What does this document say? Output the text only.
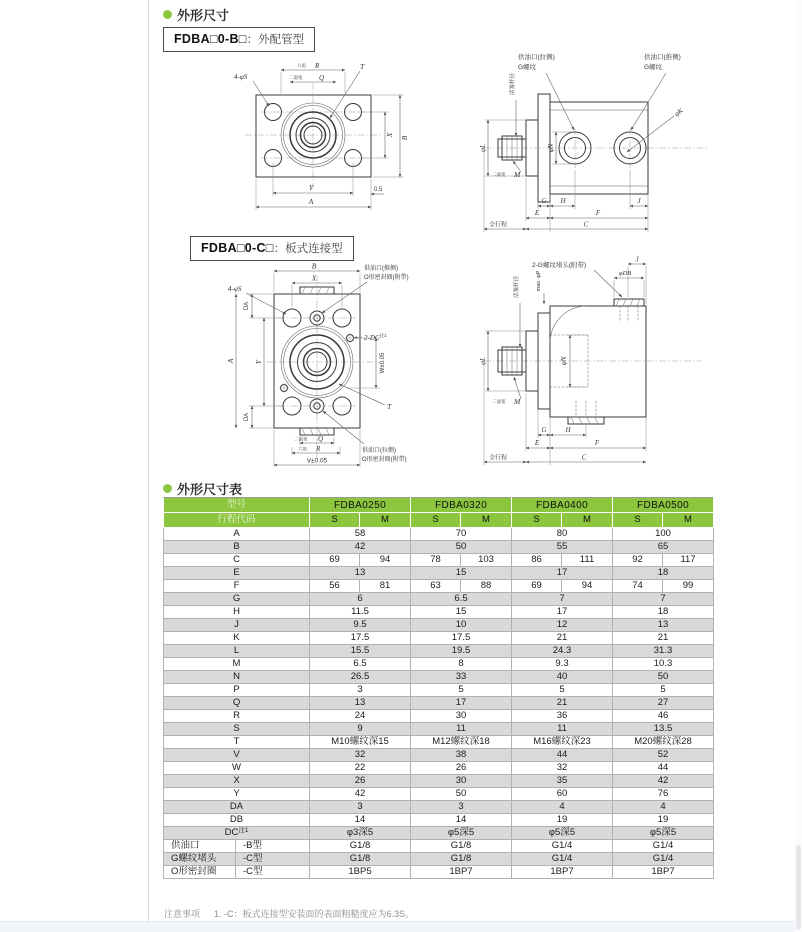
外形尺寸
FDBA□0-B□：外配管型
六角 R
二面宽 Q
T
4-φS
B
X
Y
A
0.5
供油口(拉侧)
G螺纹
供油口(推侧)
G螺纹
活塞杆径
φL	φN
φK
二面宽 M
G H	J
E	F
全行程	C
FDBA□0-C□：板式连接型
B
X
4-φS
DA
DA
A	Y
供油口(推侧)
O形密封圈(附带)
2-DC$^{注1}$
W±0.05
T
供油口(拉侧)
O形密封圈(附带)
二面宽 Q
六角 R
V±0.05
2-G螺纹堵头(附带)
J
φDB
max. φP
活塞杆径
φL	φN
二面宽 M
G	H
E	F
全行程	C
外形尺寸表
型号		FDBA0250		FDBA0320		FDBA0400		FDBA0500	
行程代码		S	M	S	M	S	M	S	M
A		58		70		80		100	
B		42		50		55		65	
C		69	94	78	103	86	111	92	117
E		13		15		17		18	
F		56	81	63	88	69	94	74	99
G		6		6.5		7		7	
H		11.5		15		17		18	
J		9.5		10		12		13	
K		17.5		17.5		21		21	
L		15.5		19.5		24.3		31.3	
M		6.5		8		9.3		10.3	
N		26.5		33		40		50	
P		3		5		5		5	
Q		13		17		21		27	
R		24		30		36		46	
S		9		11		11		13.5	
T		M10螺纹深15		M12螺纹深18		M16螺纹深23		M20螺纹深28	
V		32		38		44		52	
W		22		26		32		44	
X		26		30		35		42	
Y		42		50		60		76	
DA		3		3		4		4	
DB		14		14		19		19	
DC$^{注1}$		φ3深5		φ5深5		φ5深5		φ5深5	
供油口	-B型	G1/8		G1/8		G1/4		G1/4	
G螺纹堵头	-C型	G1/8		G1/8		G1/4		G1/4	
O形密封圈	-C型	1BP5		1BP7		1BP7		1BP7	
注意事项 1. -C：板式连接型安装面的表面粗糙度应为6.3S。
